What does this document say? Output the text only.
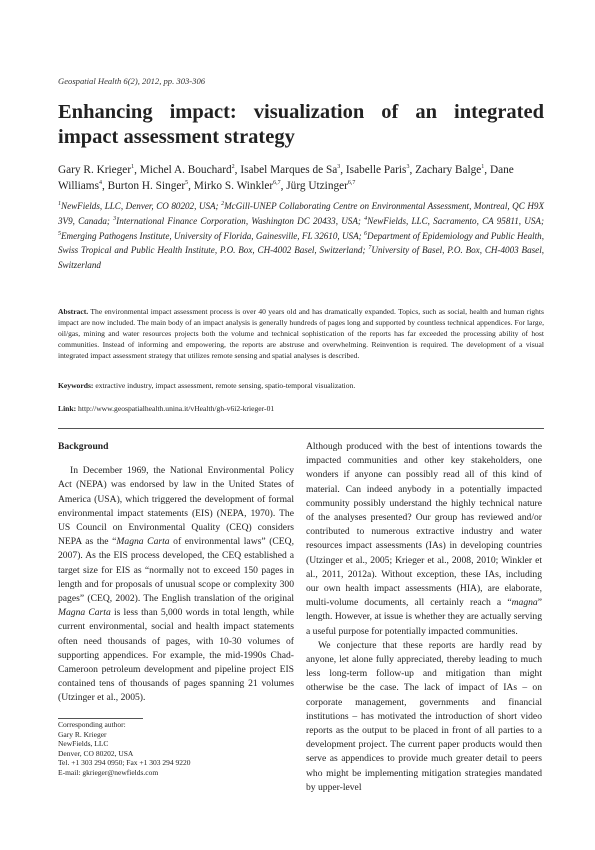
Geospatial Health 6(2), 2012, pp. 303-306
Enhancing impact: visualization of an integrated impact assessment strategy
Gary R. Krieger$^1$, Michel A. Bouchard$^2$, Isabel Marques de Sa$^3$, Isabelle Paris$^3$, Zachary Balge$^1$, Dane Williams$^4$, Burton H. Singer$^5$, Mirko S. Winkler$^{6,7}$, Jürg Utzinger$^{6,7}$
$^1$NewFields, LLC, Denver, CO 80202, USA; $^2$McGill-UNEP Collaborating Centre on Environmental Assessment, Montreal, QC H9X 3V9, Canada; $^3$International Finance Corporation, Washington DC 20433, USA; $^4$NewFields, LLC, Sacramento, CA 95811, USA; $^5$Emerging Pathogens Institute, University of Florida, Gainesville, FL 32610, USA; $^6$Department of Epidemiology and Public Health, Swiss Tropical and Public Health Institute, P.O. Box, CH-4002 Basel, Switzerland; $^7$University of Basel, P.O. Box, CH-4003 Basel, Switzerland
Abstract. The environmental impact assessment process is over 40 years old and has dramatically expanded. Topics, such as social, health and human rights impact are now included. The main body of an impact analysis is generally hundreds of pages long and supported by countless technical appendices. For large, oil/gas, mining and water resources projects both the volume and technical sophistication of the reports has far exceeded the processing ability of host communities. Instead of informing and empowering, the reports are abstruse and overwhelming. Reinvention is required. The development of a visual integrated impact assessment strategy that utilizes remote sensing and spatial analyses is described.
Keywords: extractive industry, impact assessment, remote sensing, spatio-temporal visualization.
Link: http://www.geospatialhealth.unina.it/vHealth/gh-v6i2-krieger-01
Background

In December 1969, the National Environmental Policy Act (NEPA) was endorsed by law in the United States of America (USA), which triggered the development of formal environmental impact statements (EIS) (NEPA, 1970). The US Council on Environmental Quality (CEQ) considers NEPA as the “Magna Carta of environmental laws” (CEQ, 2007). As the EIS process developed, the CEQ established a target size for EIS as “normally not to exceed 150 pages in length and for proposals of unusual scope or complexity 300 pages” (CEQ, 2002). The English translation of the original Magna Carta is less than 5,000 words in total length, while current environmental, social and health impact statements often need thousands of pages, with 10-30 volumes of supporting appendices. For example, the mid-1990s Chad-Cameroon petroleum development and pipeline project EIS contained tens of thousands of pages spanning 21 volumes (Utzinger et al., 2005).

Although produced with the best of intentions towards the impacted communities and other key stakeholders, one wonders if anyone can possibly read all of this kind of material. Can indeed anybody in a potentially impacted community possibly understand the highly technical nature of the analyses presented? Our group has reviewed and/or contributed to numerous extractive industry and water resources impact assessments (IAs) in developing countries (Utzinger et al., 2005; Krieger et al., 2008, 2010; Winkler et al., 2011, 2012a). Without exception, these IAs, including our own health impact assessments (HIA), are elaborate, multi-volume documents, all certainly reach a “magna” length. However, at issue is whether they are actually serving a useful purpose for potentially impacted communities.

We conjecture that these reports are hardly read by anyone, let alone fully appreciated, thereby leading to much less long-term follow-up and mitigation than might otherwise be the case. The lack of impact of IAs – on corporate management, governments and financial institutions – has motivated the introduction of short video reports as the output to be placed in front of all parties to a development project. The current paper products would then serve as appendices to provide much greater detail to peers who might be implementing mitigation strategies mandated by upper-level

Corresponding author:
Gary R. Krieger
NewFields, LLC
Denver, CO 80202, USA
Tel. +1 303 294 0950; Fax +1 303 294 9220
E-mail: gkrieger@newfields.com
